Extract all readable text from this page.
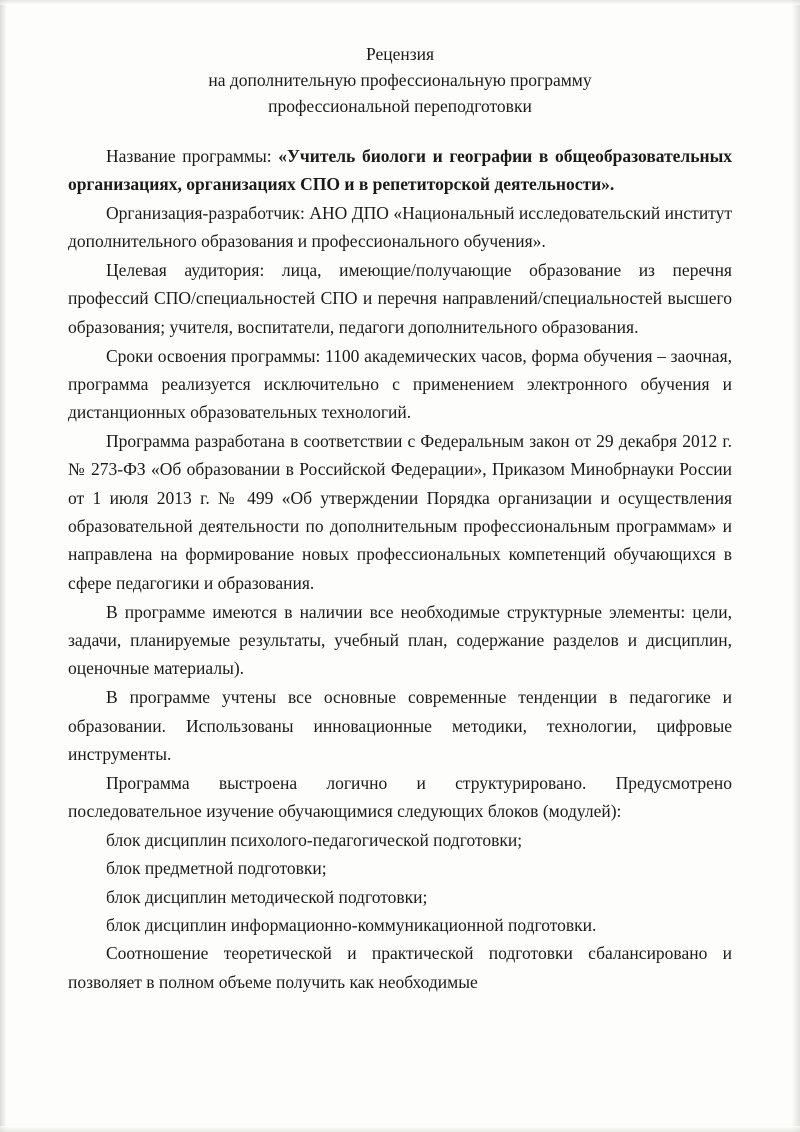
Рецензия
на дополнительную профессиональную программу
профессиональной переподготовки

Название программы: «Учитель биологи и географии в общеобразовательных организациях, организациях СПО и в репетиторской деятельности».

Организация-разработчик: АНО ДПО «Национальный исследовательский институт дополнительного образования и профессионального обучения».

Целевая аудитория: лица, имеющие/получающие образование из перечня профессий СПО/специальностей СПО и перечня направлений/специальностей высшего образования; учителя, воспитатели, педагоги дополнительного образования.

Сроки освоения программы: 1100 академических часов, форма обучения – заочная, программа реализуется исключительно с применением электронного обучения и дистанционных образовательных технологий.

Программа разработана в соответствии с Федеральным закон от 29 декабря 2012 г. № 273-ФЗ «Об образовании в Российской Федерации», Приказом Минобрнауки России от 1 июля 2013 г. № 499 «Об утверждении Порядка организации и осуществления образовательной деятельности по дополнительным профессиональным программам» и направлена на формирование новых профессиональных компетенций обучающихся в сфере педагогики и образования.

В программе имеются в наличии все необходимые структурные элементы: цели, задачи, планируемые результаты, учебный план, содержание разделов и дисциплин, оценочные материалы).

В программе учтены все основные современные тенденции в педагогике и образовании. Использованы инновационные методики, технологии, цифровые инструменты.

Программа выстроена логично и структурировано. Предусмотрено последовательное изучение обучающимися следующих блоков (модулей):

блок дисциплин психолого-педагогической подготовки;

блок предметной подготовки;

блок дисциплин методической подготовки;

блок дисциплин информационно-коммуникационной подготовки.

Соотношение теоретической и практической подготовки сбалансировано и позволяет в полном объеме получить как необходимые
